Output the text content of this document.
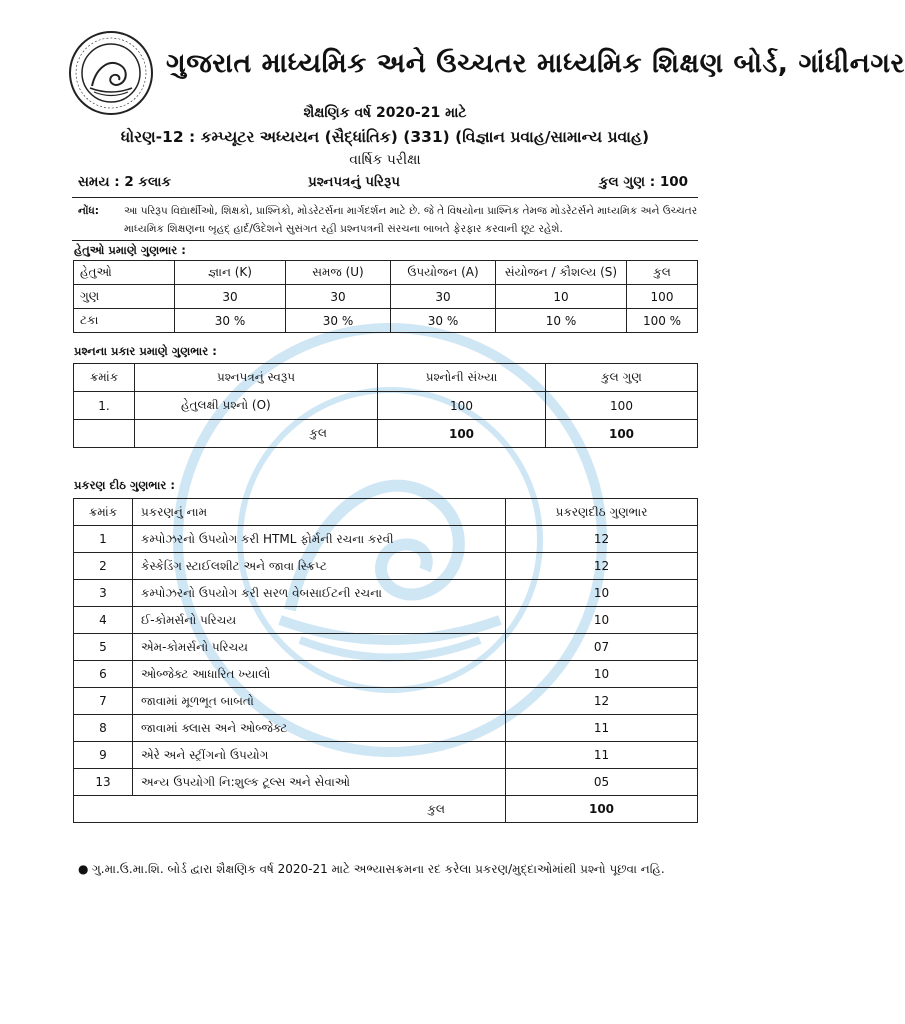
ગુજરાત માધ્યમિક અને ઉચ્ચતર માધ્યમિક શિક્ષણ બોર્ડ, ગાંધીનગર
શૈક્ષણિક વર્ષ 2020-21 માટે
ધોરણ-12 : કમ્પ્યૂટર અધ્યયન (સૈદ્ધાંતિક) (331) (વિજ્ઞાન પ્રવાહ/સામાન્ય પ્રવાહ)
વાર્ષિક પરીક્ષા
સમય : 2 કલાક	પ્રશ્નપત્રનું પરિરૂપ	કુલ ગુણ : 100
નોંધ: આ પરિરૂપ વિદ્યાર્થીઓ, શિક્ષકો, પ્રાશ્નિકો, મોડરેટર્સના માર્ગદર્શન માટે છે. જે તે વિષયોના પ્રાશ્નિક તેમજ મોડરેટર્સને માધ્યમિક અને ઉચ્ચતર માધ્યમિક શિક્ષણના બૃહદ્ હાર્દ/ઉદેશને સુસંગત રહી પ્રશ્નપત્રની સંરચના બાબતે ફેરફાર કરવાની છૂટ રહેશે.
હેતુઓ પ્રમાણે ગુણભાર :
હેતુઓ	જ્ઞાન (K)	સમજ (U)	ઉપયોજન (A)	સંયોજન / કૌશલ્ય (S)	કુલ
ગુણ	30	30	30	10	100
ટકા	30 %	30 %	30 %	10 %	100 %
પ્રશ્નના પ્રકાર પ્રમાણે ગુણભાર :
ક્રમાંક	પ્રશ્નપત્રનું સ્વરૂપ	પ્રશ્નોની સંખ્યા	કુલ ગુણ
1.	હેતુલક્ષી પ્રશ્નો (O)	100	100
	કુલ	100	100
પ્રકરણ દીઠ ગુણભાર :
ક્રમાંક	પ્રકરણનું નામ	પ્રકરણદીઠ ગુણભાર
1	કમ્પોઝરનો ઉપયોગ કરી HTML ફોર્મની રચના કરવી	12
2	કેસ્કેડિંગ સ્ટાઈલશીટ અને જાવા સ્ક્રિપ્ટ	12
3	કમ્પોઝરનો ઉપયોગ કરી સરળ વેબસાઈટની રચના	10
4	ઈ-કોમર્સનો પરિચય	10
5	એમ-કોમર્સનો પરિચય	07
6	ઓબ્જેક્ટ આધારિત ખ્યાલો	10
7	જાવામાં મૂળભૂત બાબતો	12
8	જાવામાં ક્લાસ અને ઓબ્જેક્ટ	11
9	એરે અને સ્ટ્રીંગનો ઉપયોગ	11
13	અન્ય ઉપયોગી નિ:શુલ્ક ટૂલ્સ અને સેવાઓ	05
કુલ		100
● ગુ.મા.ઉ.મા.શિ. બોર્ડ દ્વારા શૈક્ષણિક વર્ષ 2020-21 માટે અભ્યાસક્રમના રદ કરેલા પ્રકરણ/મુદ્દાઓમાંથી પ્રશ્નો પૂછવા નહિ.
